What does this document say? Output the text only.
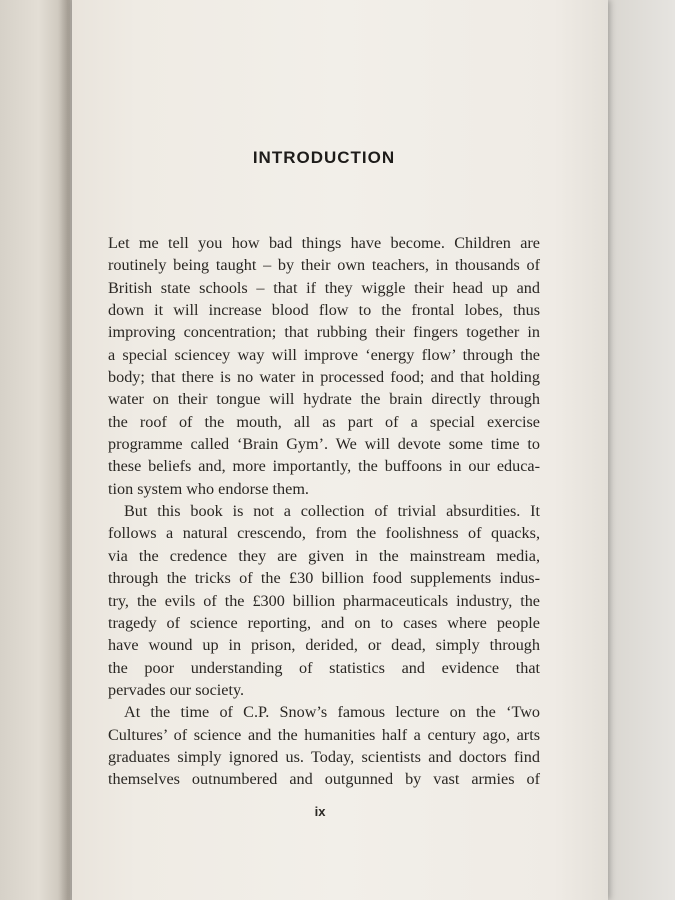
INTRODUCTION
Let me tell you how bad things have become. Children are
routinely being taught – by their own teachers, in thousands of
British state schools – that if they wiggle their head up and
down it will increase blood flow to the frontal lobes, thus
improving concentration; that rubbing their fingers together in
a special sciencey way will improve ‘energy flow’ through the
body; that there is no water in processed food; and that holding
water on their tongue will hydrate the brain directly through
the roof of the mouth, all as part of a special exercise
programme called ‘Brain Gym’. We will devote some time to
these beliefs and, more importantly, the buffoons in our educa-
tion system who endorse them.
But this book is not a collection of trivial absurdities. It
follows a natural crescendo, from the foolishness of quacks,
via the credence they are given in the mainstream media,
through the tricks of the £30 billion food supplements indus-
try, the evils of the £300 billion pharmaceuticals industry, the
tragedy of science reporting, and on to cases where people
have wound up in prison, derided, or dead, simply through
the poor understanding of statistics and evidence that
pervades our society.
At the time of C.P. Snow’s famous lecture on the ‘Two
Cultures’ of science and the humanities half a century ago, arts
graduates simply ignored us. Today, scientists and doctors find
themselves outnumbered and outgunned by vast armies of
ix
